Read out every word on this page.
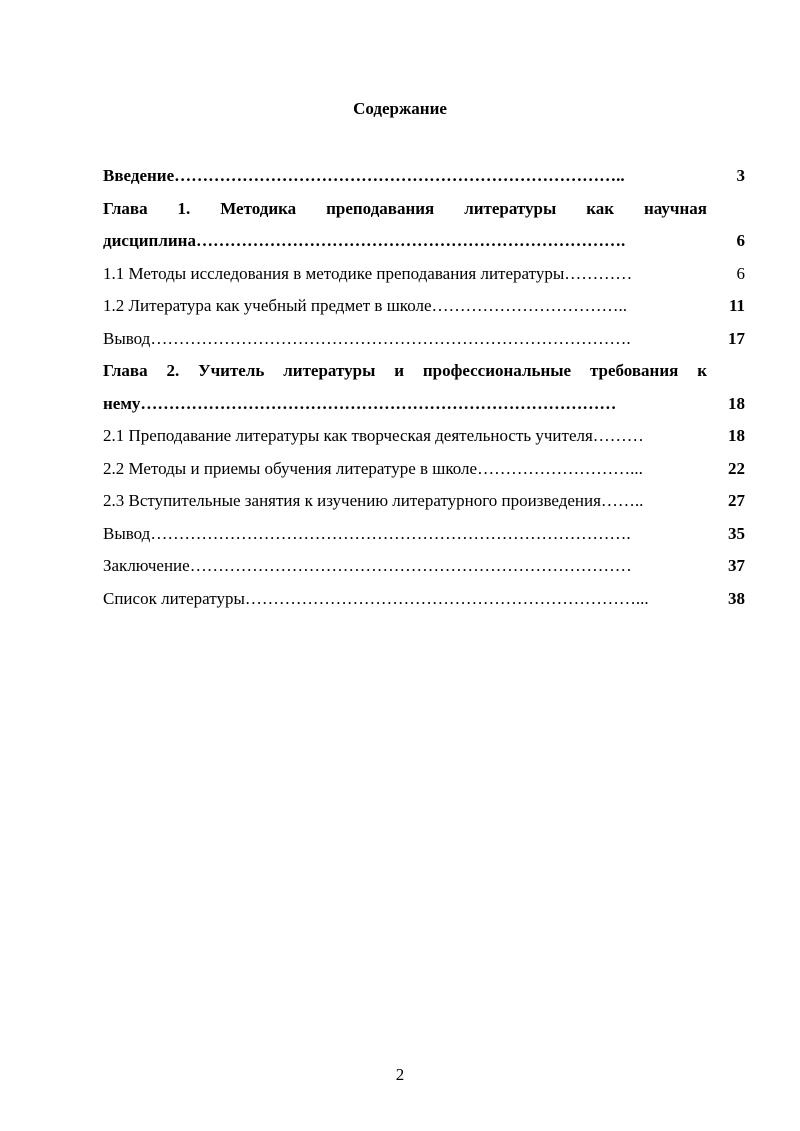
Содержание
Введение……………………………………………………………………..	3
Глава 1. Методика преподавания литературы как научная
дисциплина………………………………………………………………….	6
1.1 Методы исследования в методике преподавания литературы…………	6
1.2 Литература как учебный предмет в школе……………………………..	11
Вывод………………………………………………………………………….	17
Глава 2. Учитель литературы и профессиональные требования к
нему…………………………………………………………………………	18
2.1 Преподавание литературы как творческая деятельность учителя………	18
2.2 Методы и приемы обучения литературе в школе………………………...	22
2.3 Вступительные занятия к изучению литературного произведения……..	27
Вывод………………………………………………………………………….	35
Заключение……………………………………………………………………	37
Список литературы……………………………………………………………...	38
2
